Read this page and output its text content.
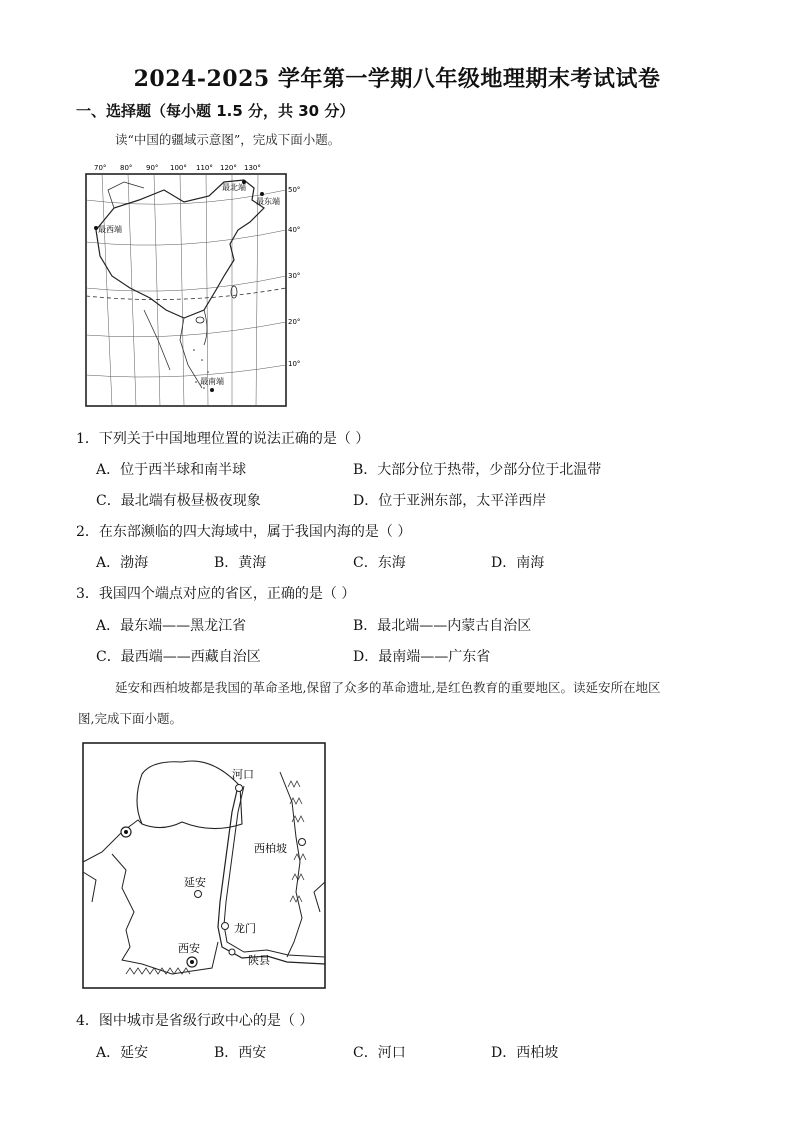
2024-2025 学年第一学期八年级地理期末考试试卷
一、选择题（每小题 1.5 分，共 30 分）
读“中国的疆域示意图”，完成下面小题。
70° 80° 90° 100° 110° 120° 130°
最北端
最东端
最西端
最南端
50°
40°
30°
20°
10°
1．下列关于中国地理位置的说法正确的是（ ）
A．位于西半球和南半球	B．大部分位于热带，少部分位于北温带
C．最北端有极昼极夜现象	D．位于亚洲东部，太平洋西岸
2．在东部濒临的四大海域中，属于我国内海的是（ ）
A．渤海	B．黄海	C．东海	D．南海
3．我国四个端点对应的省区，正确的是（ ）
A．最东端——黑龙江省	B．最北端——内蒙古自治区
C．最西端——西藏自治区	D．最南端——广东省
延安和西柏坡都是我国的革命圣地,保留了众多的革命遗址,是红色教育的重要地区。读延安所在地区
图,完成下面小题。
河口
西柏坡
延安
龙门
西安
陕县
4．图中城市是省级行政中心的是（ ）
A．延安	B．西安	C．河口	D．西柏坡
